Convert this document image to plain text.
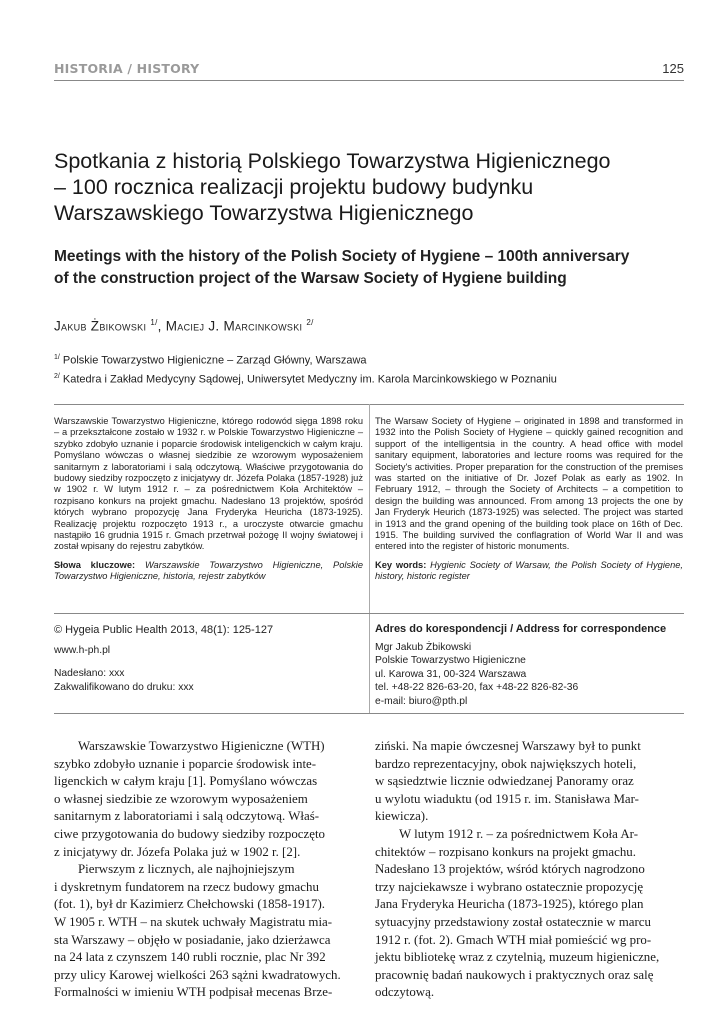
HISTORIA / HISTORY	125
Spotkania z historią Polskiego Towarzystwa Higienicznego
– 100 rocznica realizacji projektu budowy budynku
Warszawskiego Towarzystwa Higienicznego
Meetings with the history of the Polish Society of Hygiene – 100th anniversary
of the construction project of the Warsaw Society of Hygiene building
Jakub Żbikowski $^{1/}$, Maciej J. Marcinkowski $^{2/}$
$^{1/}$ Polskie Towarzystwo Higieniczne – Zarząd Główny, Warszawa
$^{2/}$ Katedra i Zakład Medycyny Sądowej, Uniwersytet Medyczny im. Karola Marcinkowskiego w Poznaniu
Warszawskie Towarzystwo Higieniczne, którego rodowód sięga 1898 roku – a przekształcone zostało w 1932 r. w Polskie Towarzystwo Higieniczne – szybko zdobyło uznanie i poparcie środowisk inteligenckich w całym kraju. Pomyślano wówczas o własnej siedzibie ze wzorowym wyposażeniem sanitarnym z laboratoriami i salą odczytową. Właściwe przygotowania do budowy siedziby rozpoczęto z inicjatywy dr. Józefa Polaka (1857-1928) już w 1902 r. W lutym 1912 r. – za pośrednictwem Koła Architektów – rozpisano konkurs na projekt gmachu. Nadesłano 13 projektów, spośród których wybrano propozycję Jana Fryderyka Heuricha (1873-1925). Realizację projektu rozpoczęto 1913 r., a uroczyste otwarcie gmachu nastąpiło 16 grudnia 1915 r. Gmach przetrwał pożogę II wojny światowej i został wpisany do rejestru zabytków.
Słowa kluczowe: Warszawskie Towarzystwo Higieniczne, Polskie Towarzystwo Higieniczne, historia, rejestr zabytków
The Warsaw Society of Hygiene – originated in 1898 and transformed in 1932 into the Polish Society of Hygiene – quickly gained recognition and support of the intelligentsia in the country. A head office with model sanitary equipment, laboratories and lecture rooms was required for the Society's activities. Proper preparation for the construction of the premises was started on the initiative of Dr. Jozef Polak as early as 1902. In February 1912, – through the Society of Architects – a competition to design the building was announced. From among 13 projects the one by Jan Fryderyk Heurich (1873-1925) was selected. The project was started in 1913 and the grand opening of the building took place on 16th of Dec. 1915. The building survived the conflagration of World War II and was entered into the register of historic monuments.
Key words: Hygienic Society of Warsaw, the Polish Society of Hygiene, history, historic register
© Hygeia Public Health 2013, 48(1): 125-127
www.h-ph.pl
Nadesłano: xxx
Zakwalifikowano do druku: xxx
Adres do korespondencji / Address for correspondence
Mgr Jakub Żbikowski
Polskie Towarzystwo Higieniczne
ul. Karowa 31, 00-324 Warszawa
tel. +48-22 826-63-20, fax +48-22 826-82-36
e-mail: biuro@pth.pl
Warszawskie Towarzystwo Higieniczne (WTH)
szybko zdobyło uznanie i poparcie środowisk inte-
ligenckich w całym kraju [1]. Pomyślano wówczas
o własnej siedzibie ze wzorowym wyposażeniem
sanitarnym z laboratoriami i salą odczytową. Właś-
ciwe przygotowania do budowy siedziby rozpoczęto
z inicjatywy dr. Józefa Polaka już w 1902 r. [2].
Pierwszym z licznych, ale najhojniejszym
i dyskretnym fundatorem na rzecz budowy gmachu
(fot. 1), był dr Kazimierz Chełchowski (1858-1917).
W 1905 r. WTH – na skutek uchwały Magistratu mia-
sta Warszawy – objęło w posiadanie, jako dzierżawca
na 24 lata z czynszem 140 rubli rocznie, plac Nr 392
przy ulicy Karowej wielkości 263 sążni kwadratowych.
Formalności w imieniu WTH podpisał mecenas Brze-
ziński. Na mapie ówczesnej Warszawy był to punkt
bardzo reprezentacyjny, obok największych hoteli,
w sąsiedztwie licznie odwiedzanej Panoramy oraz
u wylotu wiaduktu (od 1915 r. im. Stanisława Mar-
kiewicza).
W lutym 1912 r. – za pośrednictwem Koła Ar-
chitektów – rozpisano konkurs na projekt gmachu.
Nadesłano 13 projektów, wśród których nagrodzono
trzy najciekawsze i wybrano ostatecznie propozycję
Jana Fryderyka Heuricha (1873-1925), którego plan
sytuacyjny przedstawiony został ostatecznie w marcu
1912 r. (fot. 2). Gmach WTH miał pomieścić wg pro-
jektu bibliotekę wraz z czytelnią, muzeum higieniczne,
pracownię badań naukowych i praktycznych oraz salę
odczytową.
